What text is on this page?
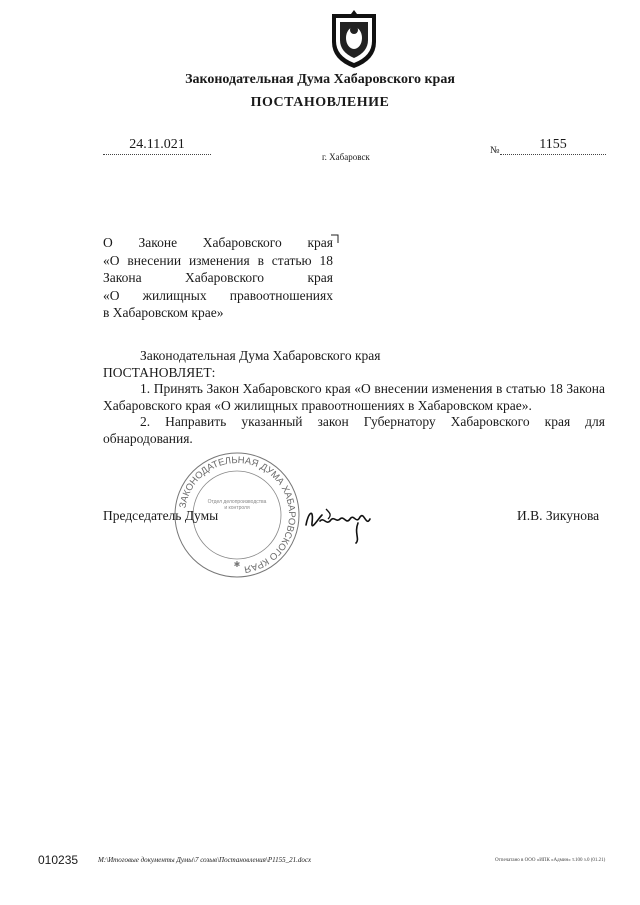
Законодательная Дума Хабаровского края
ПОСТАНОВЛЕНИЕ
24.11.021
г. Хабаровск
№	1155
О Законе Хабаровского края
«О внесении изменения в статью 18
Закона Хабаровского края
«О жилищных правоотношениях
в Хабаровском крае»

Законодательная Дума Хабаровского края

ПОСТАНОВЛЯЕТ:

1. Принять Закон Хабаровского края «О внесении изменения в статью 18 Закона Хабаровского края «О жилищных правоотношениях в Хабаровском крае».

2. Направить указанный закон Губернатору Хабаровского края для обнародования.

ЗАКОНОДАТЕЛЬНАЯ ДУМА ХАБАРОВСКОГО КРАЯ
Отдел делопроизводства и контроля
✱
Председатель Думы	И.В. Зикунова
010235	M:\Итоговые документы Думы\7 созыв\Постановления\P1155_21.docx	Отпечатано в ООО «ИПК «Админ» т.100 з.0 (01.21)
